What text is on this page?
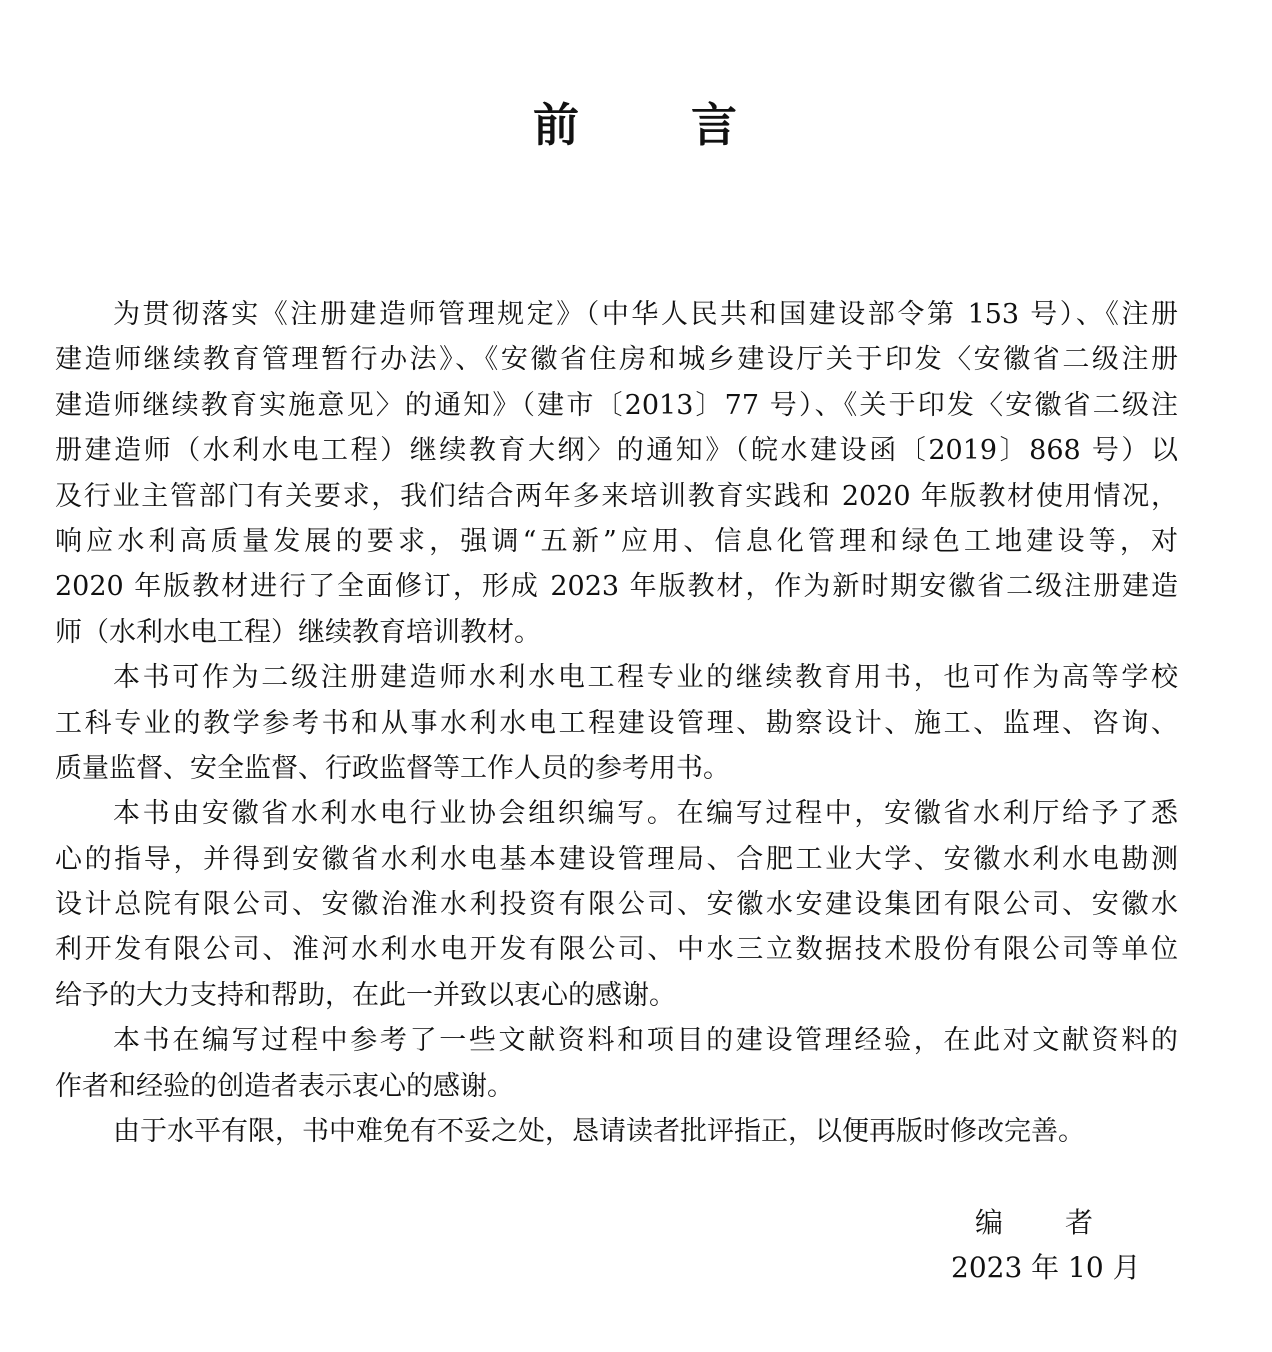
前 言
为贯彻落实《注册建造师管理规定》（中华人民共和国建设部令第 153 号）、《注册
建造师继续教育管理暂行办法》、《安徽省住房和城乡建设厅关于印发〈安徽省二级注册
建造师继续教育实施意见〉的通知》（建市〔2013〕77 号）、《关于印发〈安徽省二级注
册建造师（水利水电工程）继续教育大纲〉的通知》（皖水建设函〔2019〕868 号）以
及行业主管部门有关要求，我们结合两年多来培训教育实践和 2020 年版教材使用情况，
响应水利高质量发展的要求，强调“五新”应用、信息化管理和绿色工地建设等，对
2020 年版教材进行了全面修订，形成 2023 年版教材，作为新时期安徽省二级注册建造
师（水利水电工程）继续教育培训教材。
本书可作为二级注册建造师水利水电工程专业的继续教育用书，也可作为高等学校
工科专业的教学参考书和从事水利水电工程建设管理、勘察设计、施工、监理、咨询、
质量监督、安全监督、行政监督等工作人员的参考用书。
本书由安徽省水利水电行业协会组织编写。在编写过程中，安徽省水利厅给予了悉
心的指导，并得到安徽省水利水电基本建设管理局、合肥工业大学、安徽水利水电勘测
设计总院有限公司、安徽治淮水利投资有限公司、安徽水安建设集团有限公司、安徽水
利开发有限公司、淮河水利水电开发有限公司、中水三立数据技术股份有限公司等单位
给予的大力支持和帮助，在此一并致以衷心的感谢。
本书在编写过程中参考了一些文献资料和项目的建设管理经验，在此对文献资料的
作者和经验的创造者表示衷心的感谢。
由于水平有限，书中难免有不妥之处，恳请读者批评指正，以便再版时修改完善。
编 者
2023 年 10 月
